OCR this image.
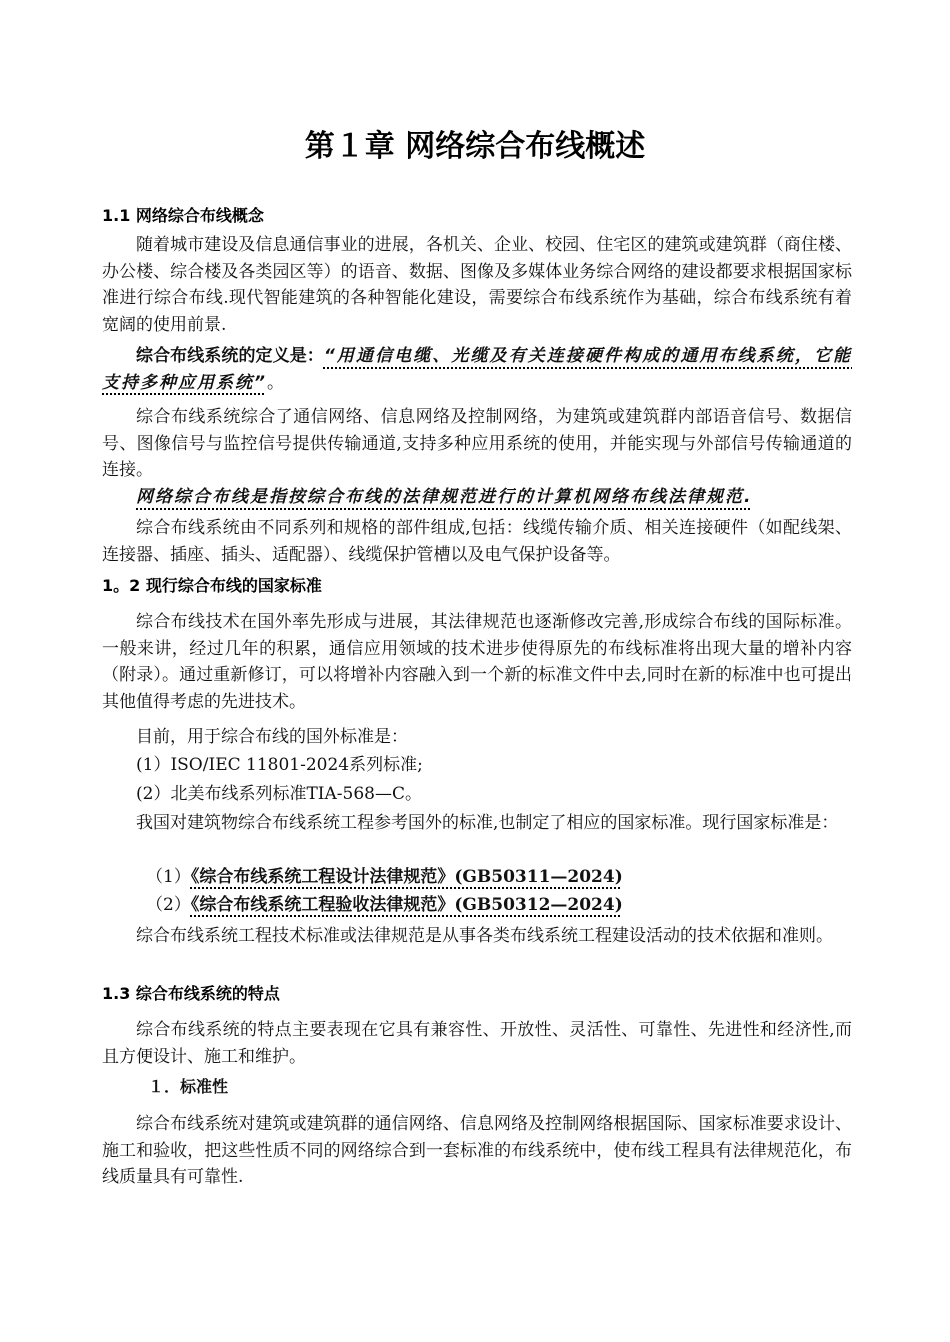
第１章 网络综合布线概述
1.1 网络综合布线概念

随着城市建设及信息通信事业的进展，各机关、企业、校园、住宅区的建筑或建筑群（商住楼、办公楼、综合楼及各类园区等）的语音、数据、图像及多媒体业务综合网络的建设都要求根据国家标准进行综合布线.现代智能建筑的各种智能化建设，需要综合布线系统作为基础，综合布线系统有着宽阔的使用前景.

综合布线系统的定义是：“用通信电缆、光缆及有关连接硬件构成的通用布线系统，它能支持多种应用系统”。

综合布线系统综合了通信网络、信息网络及控制网络，为建筑或建筑群内部语音信号、数据信号、图像信号与监控信号提供传输通道,支持多种应用系统的使用，并能实现与外部信号传输通道的连接。

网络综合布线是指按综合布线的法律规范进行的计算机网络布线法律规范.

综合布线系统由不同系列和规格的部件组成,包括：线缆传输介质、相关连接硬件（如配线架、连接器、插座、插头、适配器）、线缆保护管槽以及电气保护设备等。

1。2 现行综合布线的国家标准

综合布线技术在国外率先形成与进展，其法律规范也逐渐修改完善,形成综合布线的国际标准。一般来讲，经过几年的积累，通信应用领域的技术进步使得原先的布线标准将出现大量的增补内容（附录）。通过重新修订，可以将增补内容融入到一个新的标准文件中去,同时在新的标准中也可提出其他值得考虑的先进技术。

目前，用于综合布线的国外标准是：

(1）ISO/IEC 11801-2024系列标准;

(2）北美布线系列标准TIA-568—C。

我国对建筑物综合布线系统工程参考国外的标准,也制定了相应的国家标准。现行国家标准是：

（1）《综合布线系统工程设计法律规范》(GB50311—2024)

（2）《综合布线系统工程验收法律规范》(GB50312—2024)

综合布线系统工程技术标准或法律规范是从事各类布线系统工程建设活动的技术依据和准则。

1.3 综合布线系统的特点

综合布线系统的特点主要表现在它具有兼容性、开放性、灵活性、可靠性、先进性和经济性,而且方便设计、施工和维护。

１．标准性

综合布线系统对建筑或建筑群的通信网络、信息网络及控制网络根据国际、国家标准要求设计、施工和验收，把这些性质不同的网络综合到一套标准的布线系统中，使布线工程具有法律规范化，布线质量具有可靠性.
